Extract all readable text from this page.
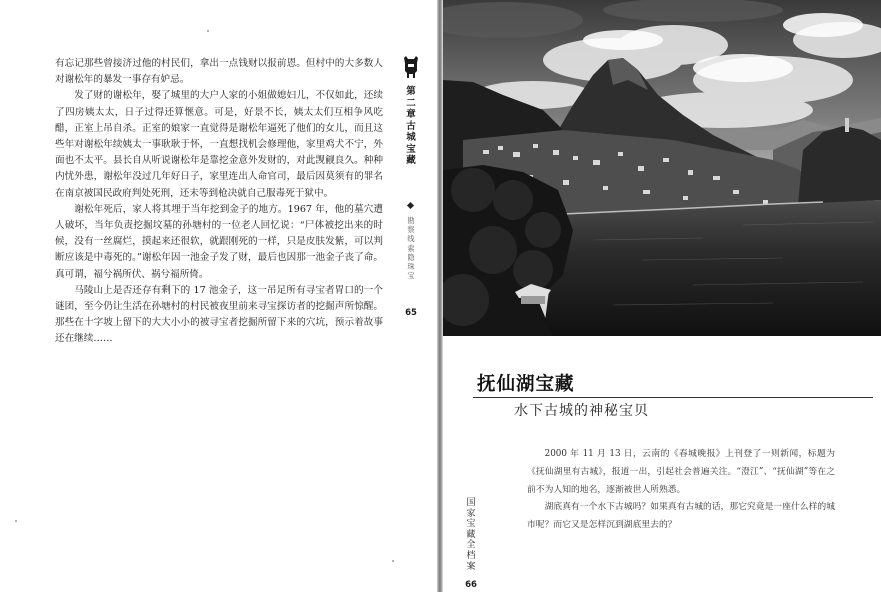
有忘记那些曾接济过他的村民们，拿出一点钱财以报前恩。但村中的大多数人对谢松年的暴发一事存有妒忌。

发了财的谢松年，娶了城里的大户人家的小姐做媳妇儿，不仅如此，还续了四房姨太太，日子过得还算惬意。可是，好景不长，姨太太们互相争风吃醋，正室上吊自杀。正室的娘家一直觉得是谢松年逼死了他们的女儿，而且这些年对谢松年续姨太一事耿耿于怀，一直想找机会修理他，家里鸡犬不宁，外面也不太平。县长自从听说谢松年是靠挖金意外发财的，对此觊觎良久。种种内忧外患，谢松年没过几年好日子，家里连出人命官司，最后因莫须有的罪名在南京被国民政府判处死刑，还未等到枪决就自己服毒死于狱中。

谢松年死后，家人将其埋于当年挖到金子的地方。1967 年，他的墓穴遭人破坏，当年负责挖掘坟墓的孙塘村的一位老人回忆说：“尸体被挖出来的时候，没有一丝腐烂，摸起来还很软，就跟刚死的一样，只是皮肤发紫，可以判断应该是中毒死的。”谢松年因一池金子发了财，最后也因那一池金子丧了命。真可谓，福兮祸所伏、祸兮福所倚。

马陵山上是否还存有剩下的 17 池金子，这一吊足所有寻宝者胃口的一个谜团，至今仍让生活在孙塘村的村民被夜里前来寻宝探访者的挖掘声所惊醒。那些在十字坡上留下的大大小小的被寻宝者挖掘所留下来的穴坑，预示着故事还在继续……

第二章 古城宝藏
勘察线索隐珠宝
65
抚仙湖宝藏
水下古城的神秘宝贝

2000 年 11 月 13 日，云南的《春城晚报》上刊登了一则新闻，标题为《抚仙湖里有古城》，报道一出，引起社会普遍关注。“澄江”、“抚仙湖”等在之前不为人知的地名，逐渐被世人所熟悉。

湖底真有一个水下古城吗？如果真有古城的话，那它究竟是一座什么样的城市呢？而它又是怎样沉到湖底里去的？

国家宝藏全档案
66
